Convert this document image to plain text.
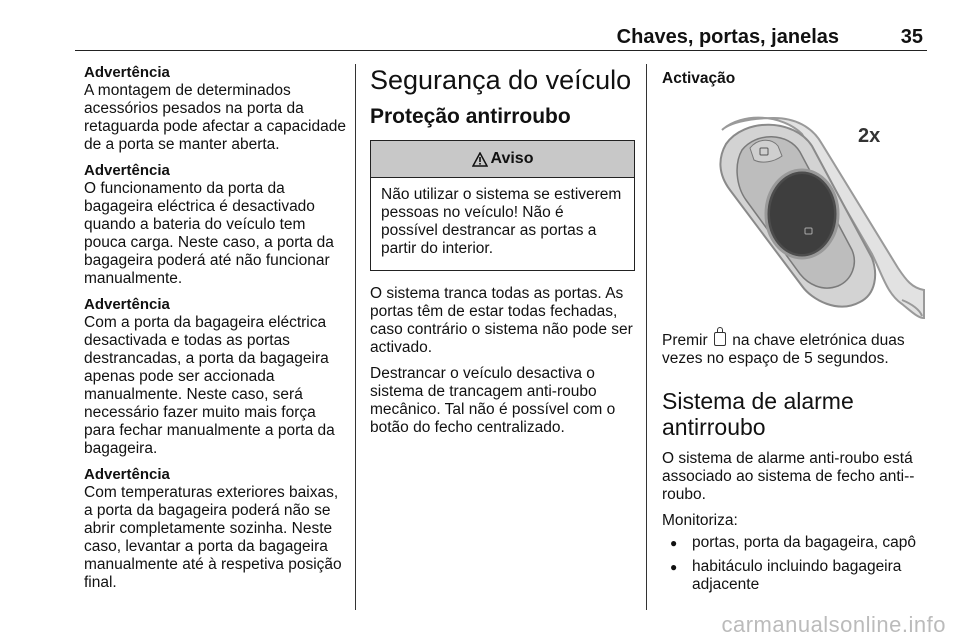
Chaves, portas, janelas	35
Advertência

A montagem de determinados acessórios pesados na porta da retaguarda pode afectar a capacidade de a porta se manter aberta.

Advertência

O funcionamento da porta da bagageira eléctrica é desactivado quando a bateria do veículo tem pouca carga. Neste caso, a porta da bagageira poderá até não funcionar manualmente.

Advertência

Com a porta da bagageira eléctrica desactivada e todas as portas destrancadas, a porta da bagageira apenas pode ser accionada manualmente. Neste caso, será necessário fazer muito mais força para fechar manualmente a porta da bagageira.

Advertência

Com temperaturas exteriores baixas, a porta da bagageira poderá não se abrir completamente sozinha. Neste caso, levantar a porta da bagageira manualmente até à respetiva posição final.

Segurança do veículo
Proteção antirroubo
Aviso

Não utilizar o sistema se estiverem pessoas no veículo! Não é possível destrancar as portas a partir do interior.

O sistema tranca todas as portas. As portas têm de estar todas fechadas, caso contrário o sistema não pode ser activado.

Destrancar o veículo desactiva o sistema de trancagem anti-roubo mecânico. Tal não é possível com o botão do fecho centralizado.

Activação
2x

Premir na chave eletrónica duas vezes no espaço de 5 segundos.

Sistema de alarme antirroubo

O sistema de alarme anti-roubo está associado ao sistema de fecho anti--roubo.

Monitoriza:

● portas, porta da bagageira, capô
● habitáculo incluindo bagageira adjacente
carmanualsonline.info
